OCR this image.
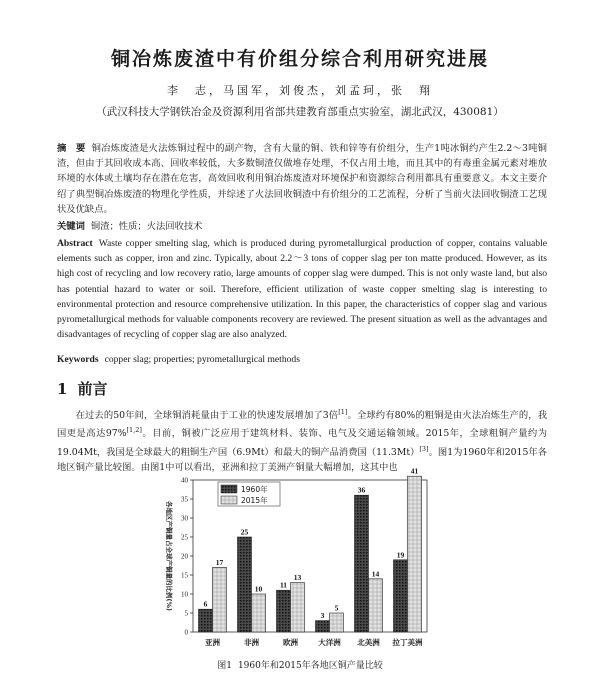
铜冶炼废渣中有价组分综合利用研究进展
李　志，马国军，刘俊杰，刘孟珂，张　翔
（武汉科技大学钢铁冶金及资源利用省部共建教育部重点实验室，湖北武汉，430081）
摘　要 铜冶炼废渣是火法炼铜过程中的副产物，含有大量的铜、铁和锌等有价组分，生产1吨冰铜约产生2.2～3吨铜渣，但由于其回收成本高、回收率较低，大多数铜渣仅做堆存处理，不仅占用土地，而且其中的有毒重金属元素对堆放环境的水体或土壤均存在潜在危害，高效回收利用铜冶炼废渣对环境保护和资源综合利用都具有重要意义。本文主要介绍了典型铜冶炼废渣的物理化学性质，并综述了火法回收铜渣中有价组分的工艺流程，分析了当前火法回收铜渣工艺现状及优缺点。
关键词 铜渣；性质；火法回收技术
Abstract Waste copper smelting slag, which is produced during pyrometallurgical production of copper, contains valuable elements such as copper, iron and zinc. Typically, about 2.2～3 tons of copper slag per ton matte produced. However, as its high cost of recycling and low recovery ratio, large amounts of copper slag were dumped. This is not only waste land, but also has potential hazard to water or soil. Therefore, efficient utilization of waste copper smelting slag is interesting to environmental protection and resource comprehensive utilization. In this paper, the characteristics of copper slag and various pyrometallurgical methods for valuable components recovery are reviewed. The present situation as well as the advantages and disadvantages of recycling of copper slag are also analyzed.
Keywords copper slag; properties; pyrometallurgical methods
1 前言
在过去的50年间，全球铜消耗量由于工业的快速发展增加了3倍[1]。全球约有80%的粗铜是由火法冶炼生产的，我国更是高达97%[1,2]。目前，铜被广泛应用于建筑材料、装饰、电气及交通运输领域。2015年，全球粗铜产量约为19.04Mt，我国是全球最大的粗铜生产国（6.9Mt）和最大的铜产品消费国（11.3Mt）[3]。图1为1960年和2015年各地区铜产量比较图。由图1中可以看出，亚洲和拉丁美洲产铜量大幅增加，这其中也
0
5
10
15
20
25
30
35
40
各地区产铜量占全球产铜量的比例(%)	6
17
亚洲
25
10
非洲
11
13
欧洲
3
5
大洋洲
36
14
北美洲
19
41
拉丁美洲
1960年
2015年
图1 1960年和2015年各地区铜产量比较
